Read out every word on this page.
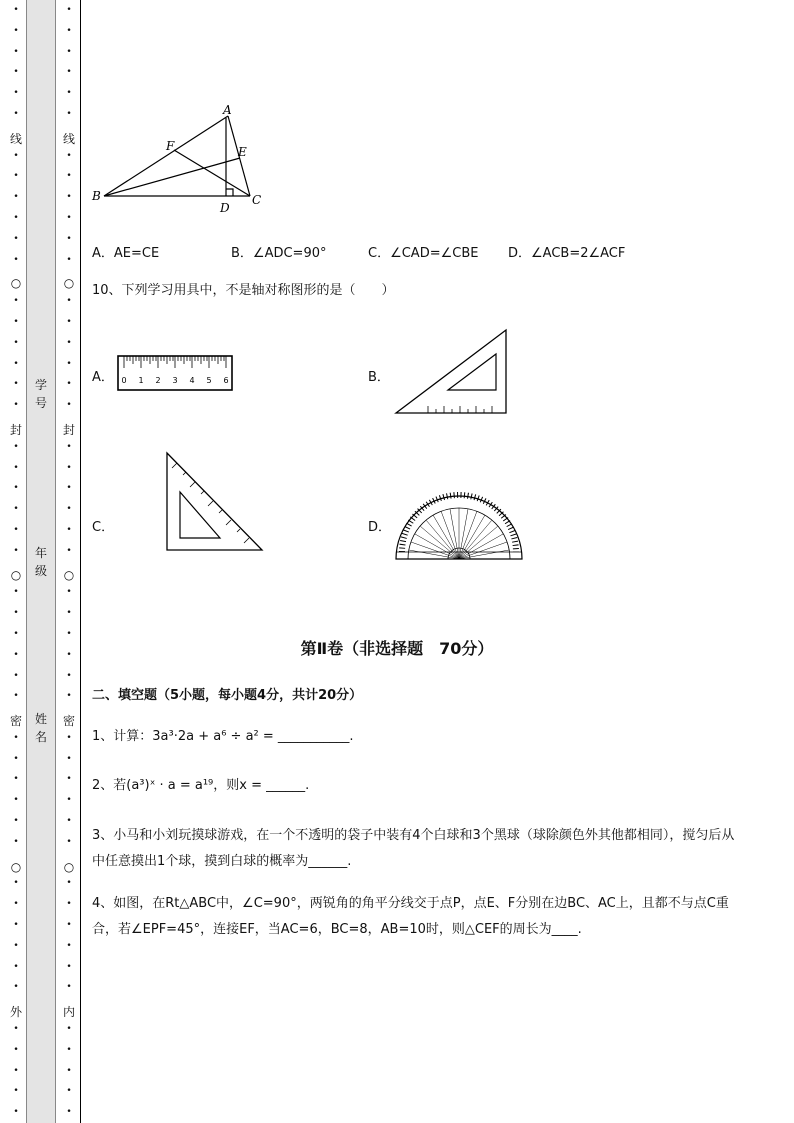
•
•
•
•
•
•

•
•
•
•
•
•

•
•
•
•
•
•

•
•
•
•
•
•

•
•
•
•
•
•

•
•
•
•
•
•

•
•
•
•
•
•

•
•
•
•
•
•
•
•
•
•
•

•
•
•
•
•
•

•
•
•
•
•
•

•
•
•
•
•
•

•
•
•
•
•
•

•
•
•
•
•
•

•
•
•
•
•
•

•
•
•
•
•
线
○
封
○
密
○
外
线
○
封
○
密
○
内
学号
年级
姓名
A
B	C
D
E
F
A．AE=CE	B．∠ADC=90°	C．∠CAD=∠CBE D．∠ACB=2∠ACF
10、下列学习用具中，不是轴对称图形的是（　　）
A． 0 1 2 3 4 5 6	B．
C．	D．
第Ⅱ卷（非选择题　70分）
二、填空题（5小题，每小题4分，共计20分）
1、计算：3a³·2a + a⁶ ÷ a² = ___________.
2、若(a³)ˣ · a = a¹⁹，则x = ______.
3、小马和小刘玩摸球游戏，在一个不透明的袋子中装有4个白球和3个黑球（球除颜色外其他都相同），搅匀后从中任意摸出1个球，摸到白球的概率为______.
4、如图，在Rt△ABC中，∠C=90°，两锐角的角平分线交于点P，点E、F分别在边BC、AC上，且都不与点C重合，若∠EPF=45°，连接EF，当AC=6，BC=8，AB=10时，则△CEF的周长为____.
